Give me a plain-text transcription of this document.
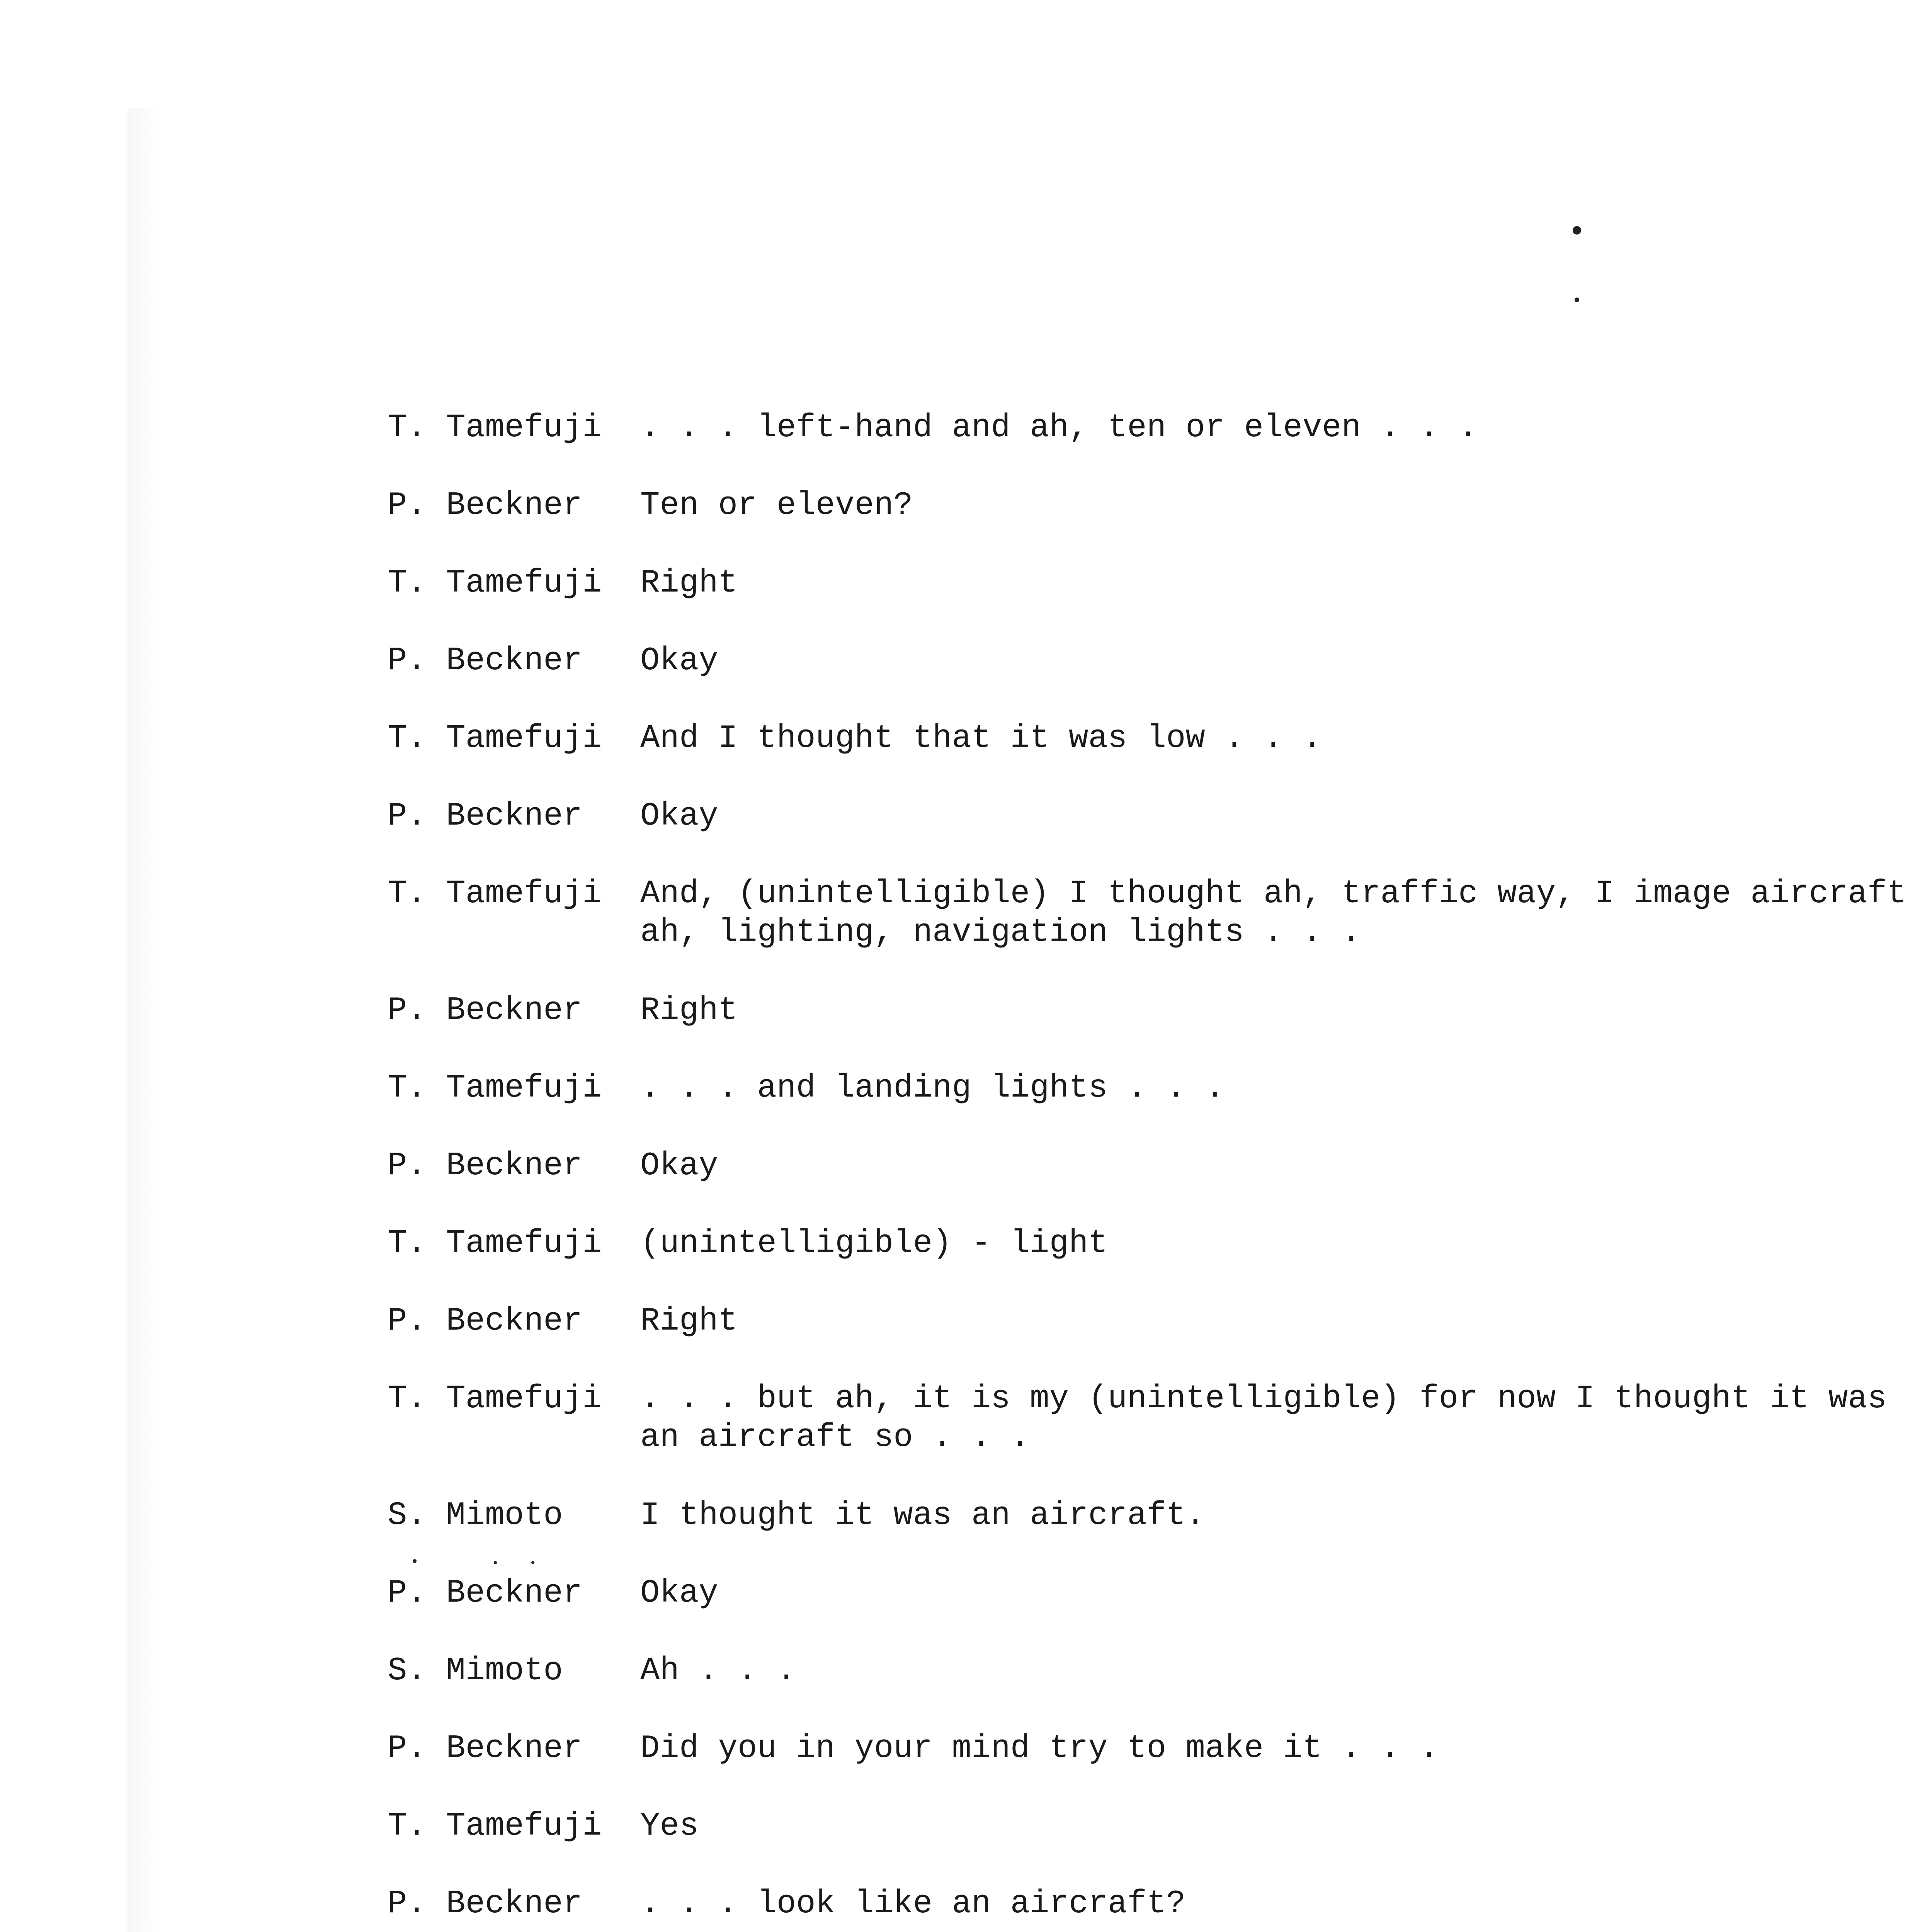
T. Tamefuji . . . left-hand and ah, ten or eleven . . .
P. Beckner Ten or eleven?
T. Tamefuji Right
P. Beckner Okay
T. Tamefuji And I thought that it was low . . .
P. Beckner Okay
T. Tamefuji And, (unintelligible) I thought ah, traffic way, I image aircraft
ah, lighting, navigation lights . . .
P. Beckner Right
T. Tamefuji . . . and landing lights . . .
P. Beckner Okay
T. Tamefuji (unintelligible) - light
P. Beckner Right
T. Tamefuji . . . but ah, it is my (unintelligible) for now I thought it was
an aircraft so . . .
S. Mimoto I thought it was an aircraft.
P. Beckner Okay
S. Mimoto Ah . . .
P. Beckner Did you in your mind try to make it . . .
T. Tamefuji Yes
P. Beckner . . . look like an aircraft?
